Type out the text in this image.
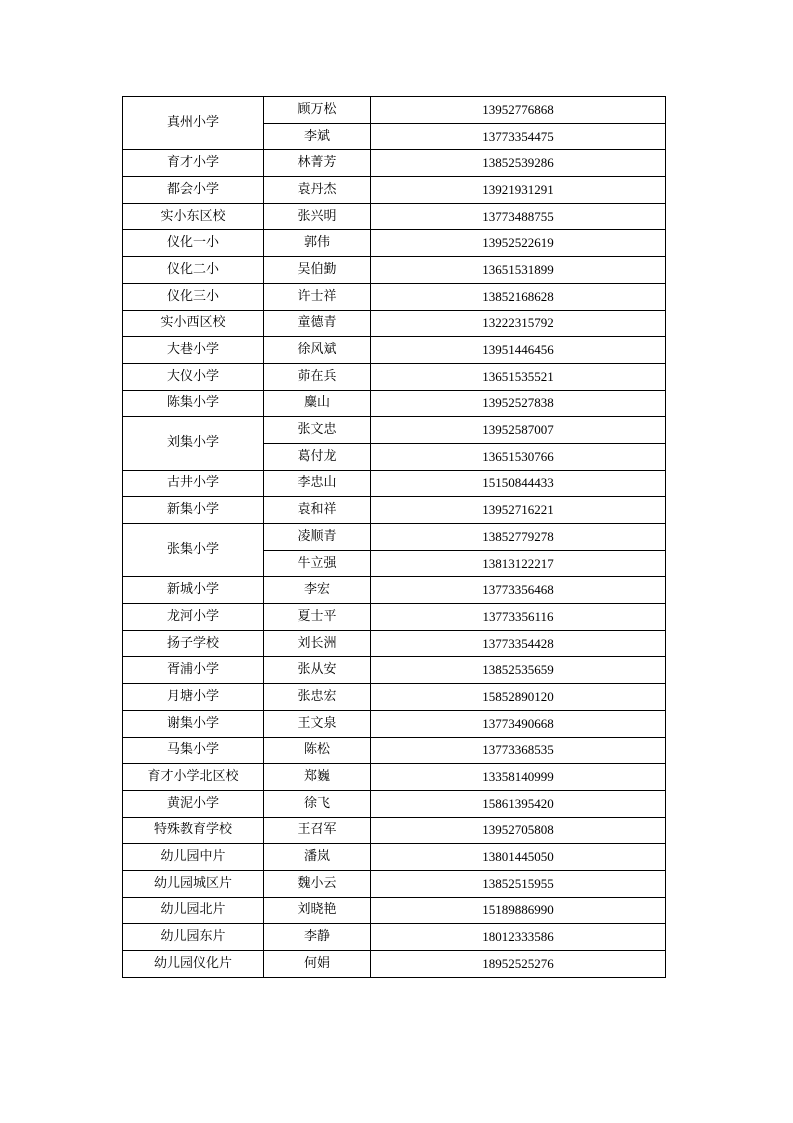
真州小学	顾万松	13952776868
	李斌	13773354475
育才小学	林菁芳	13852539286
都会小学	袁丹杰	13921931291
实小东区校	张兴明	13773488755
仪化一小	郭伟	13952522619
仪化二小	吴伯勤	13651531899
仪化三小	许士祥	13852168628
实小西区校	童德青	13222315792
大巷小学	徐风斌	13951446456
大仪小学	茆在兵	13651535521
陈集小学	麋山	13952527838
刘集小学	张文忠	13952587007
	葛付龙	13651530766
古井小学	李忠山	15150844433
新集小学	袁和祥	13952716221
张集小学	凌顺青	13852779278
	牛立强	13813122217
新城小学	李宏	13773356468
龙河小学	夏士平	13773356116
扬子学校	刘长洲	13773354428
胥浦小学	张从安	13852535659
月塘小学	张忠宏	15852890120
谢集小学	王文泉	13773490668
马集小学	陈松	13773368535
育才小学北区校	郑巍	13358140999
黄泥小学	徐飞	15861395420
特殊教育学校	王召军	13952705808
幼儿园中片	潘岚	13801445050
幼儿园城区片	魏小云	13852515955
幼儿园北片	刘晓艳	15189886990
幼儿园东片	李静	18012333586
幼儿园仪化片	何娟	18952525276
